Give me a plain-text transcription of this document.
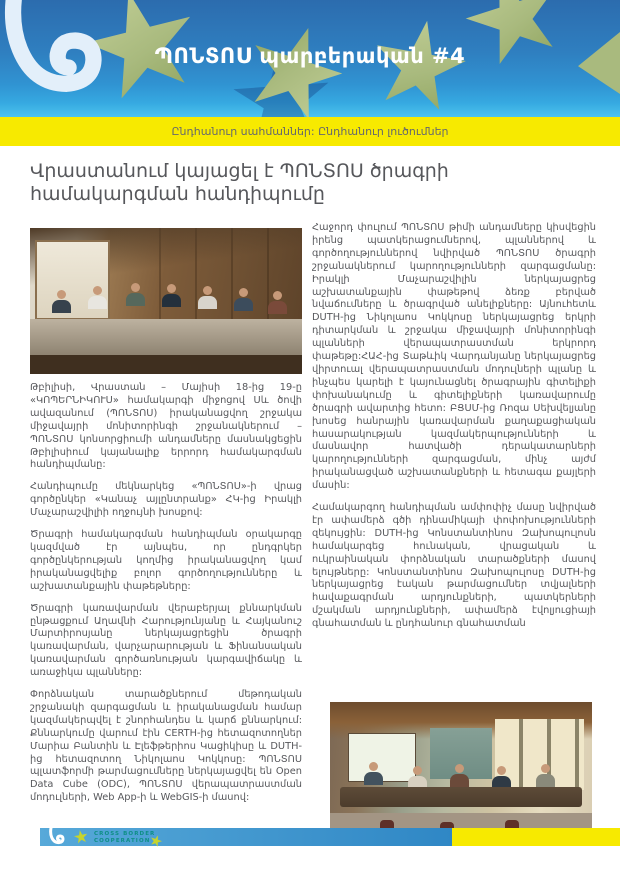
ՊՈՆՏՈՍ պարբերական #4
Ընդհանուր սահմաններ: Ընդհանուր լուծումներ
Վրաստանում կայացել է ՊՈՆՏՈՍ ծրագրի համակարգման հանդիպումը

Թբիլիսի, Վրաստան – Մայիսի 18-ից 19-ը «ԿՈՊԵՐՆԻԿՈՒՍ» համակարգի միջոցով Սև ծովի ավազանում (ՊՈՆՏՈՍ) իրականացվող շրջակա միջավայրի մոնիտորինգի շրջանակներում – ՊՈՆՏՈՍ կոնսորցիումի անդամները մասնակցեցին Թբիլիսիում կայանալիք երրորդ համակարգման հանդիպմանը:

Հանդիպումը մեկնարկեց «ՊՈՆՏՈՍ»-ի վրաց գործընկեր «Կանաչ այլընտրանք» ՀԿ-ից Իրակլի Մաչարաշվիլիի ողջույնի խոսքով:

Ծրագրի համակարգման հանդիպման օրակարգը կազմված էր այնպես, որ ընդգրկեր գործընկերության կողմից իրականացվող կամ իրականացվելիք բոլոր գործողությունները և աշխատանքային փաթեթները:

Ծրագրի կառավարման վերաբերյալ քննարկման ընթացքում Աղավնի Հարությունյանը և Հայկանուշ Մարտիրոսյանը ներկայացրեցին ծրագրի կառավարման, վարչարարության և Ֆինանսական կառավարման գործառնության կարգավիճակը և առաջիկա պլանները:

Փորձնական տարածքներում մեթոդական շրջանակի զարգացման և իրականացման համար կազմակերպվել է շնորհանդես և կարճ քննարկում: Քննարկումը վարում էին CERTH-ից հետազոտողներ Մարիա Բանտին և Էլեֆթերիոս Կացիկիսը և DUTH-ից հետազոտող Նիկոլաոս Կոկկոսը: ՊՈՆՏՈՍ պլատֆորմի թարմացումները ներկայացվել են Open Data Cube (ODC), ՊՈՆՏՈՍ վերապատրաստման մոդուլների, Web App-ի և WebGIS-ի մասով:

Հաջորդ փուլում ՊՈՆՏՈՍ թիմի անդամները կիսվեցին իրենց պատկերացումներով, պլաններով և գործողություններով նվիրված ՊՈՆՏՈՍ ծրագրի շրջանակներում կարողությունների զարգացմանը: Իրակլի Մաչարաշվիլին ներկայացրեց աշխատանքային փաթեթով ձեռք բերված նվաճումները և ծրագրված անելիքները: Այնուհետև DUTH-ից Նիկոլաոս Կոկկոսը ներկայացրեց երկրի դիտարկման և շրջակա միջավայրի մոնիտորինգի պլանների վերապատրաստման երկրորդ փաթեթը:ՀԱՀ-ից Տաթևիկ Վարդանյանը ներկայացրեց վիրտուալ վերապատրաստման մոդուլների պլանը և ինչպես կարելի է կայունացնել ծրագրային գիտելիքի փոխանակումը և գիտելիքների կառավարումը ծրագրի ավարտից հետո: ԲՑՍՄ-ից Ռոզա Սեխվելյանը խոսեց հանրային կառավարման քաղաքացիական հասարակության կազմակերպությունների և մասնավոր հատվածի դերակատարների կարողությունների զարգացման, մինչ այժմ իրականացված աշխատանքների և հետագա քայլերի մասին:

Համակարգող հանդիպման ամփոփիչ մասը նվիրված էր ափամերձ գծի դինամիկայի փոփոխությունների զեկույցին: DUTH-ից Կոնստանտինոս Զախոպուլոսն համակարգեց հունական, վրացական և ուկրաինական փորձնական տարածքների մասով ելույթները: Կոնստանտինոս Զախոպուլոսը DUTH-ից ներկայացրեց էական թարմացումներ տվյալների հավաքագրման արդյունքների, պատկերների մշակման արդյունքների, ափամերձ էվոլյուցիայի գնահատման և ընդհանուր գնահատման

CROSS BORDER
COOPERATION
